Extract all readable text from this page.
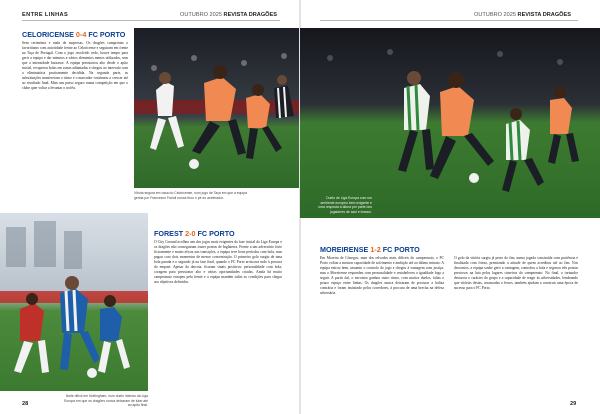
ENTRE LINHAS	OUTUBRO 2025 REVISTA DRAGÕES
CELORICENSE 0-4 FC PORTO
Sem cerimónia e nada de surpresas. Os dragões cumpriram o favoritismo com autoridade frente ao Celoricense e seguiram em frente na Taça de Portugal. Com o jogo resolvido cedo, houve tempo para gerir a equipa e dar minutos a vários elementos menos utilizados, sem que a intensidade baixasse. A equipa pressionou alto desde o apito inicial, recuperou bolas em zonas adiantadas e chegou ao intervalo com a eliminatória praticamente decidida. Na segunda parte, as substituições mantiveram o ritmo e o marcador continuou a crescer até ao resultado final. Mais um passo seguro numa competição em que o clube quer voltar a levantar o troféu.
Vitória segura em casa do Celoricense, num jogo de Taça em que a equipa gerida por Francesco Farioli nunca tirou o pé do acelerador.
Noite difícil em Nottingham, num duelo intenso da Liga Europa em que os dragões nunca deixaram de lutar até ao apito final.
FOREST 2-0 FC PORTO
O City Ground acolheu um dos jogos mais exigentes da fase inicial da Liga Europa e os dragões não conseguiram trazer pontos de Inglaterra. Frente a um adversário forte fisicamente e muito eficaz nas transições, a equipa teve bons períodos com bola, mas pagou caro dois momentos de menor concentração. O primeiro golo surgiu de uma bola parada e o segundo já na fase final, quando o FC Porto arriscava tudo à procura do empate. Apesar da derrota, ficaram sinais positivos: personalidade com bola, coragem para pressionar alto e várias oportunidades criadas. Ainda há muito campeonato europeu pela frente e a equipa mantém todas as condições para chegar aos objetivos definidos.
28
OUTUBRO 2025 REVISTA DRAGÕES
Duelo de Liga Europa com um ambiente europeu bem exigente e uma resposta à altura por parte dos jogadores de azul e branco.
MOREIRENSE 1-2 FC PORTO
Em Moreira de Cónegos, num dos relvados mais difíceis do campeonato, o FC Porto voltou a mostrar capacidade de sofrimento e ambição até ao último minuto. A equipa entrou bem, assumiu o controlo do jogo e chegou à vantagem com justiça, mas o Moreirense respondeu com personalidade e restabeleceu a igualdade logo a seguir. A partir daí, o encontro ganhou outro ritmo, com muitos duelos, faltas e pouco espaço entre linhas. Os dragões nunca deixaram de procurar a baliza contrária e foram insistindo pelos corredores, à procura de uma brecha na defesa adversária.
O golo da vitória surgiu já perto do fim, numa jogada construída com paciência e finalizada com frieza, premiando a atitude de quem acreditou até ao fim. Nos descontos, a equipa soube gerir a vantagem, controlou a bola e segurou três pontos preciosos na luta pelos lugares cimeiros do campeonato. No final, o treinador destacou o carácter do grupo e a capacidade de reagir às adversidades, lembrando que vitórias destas, arrancadas a ferros, também ajudam a construir uma época de sucesso para o FC Porto.
29
